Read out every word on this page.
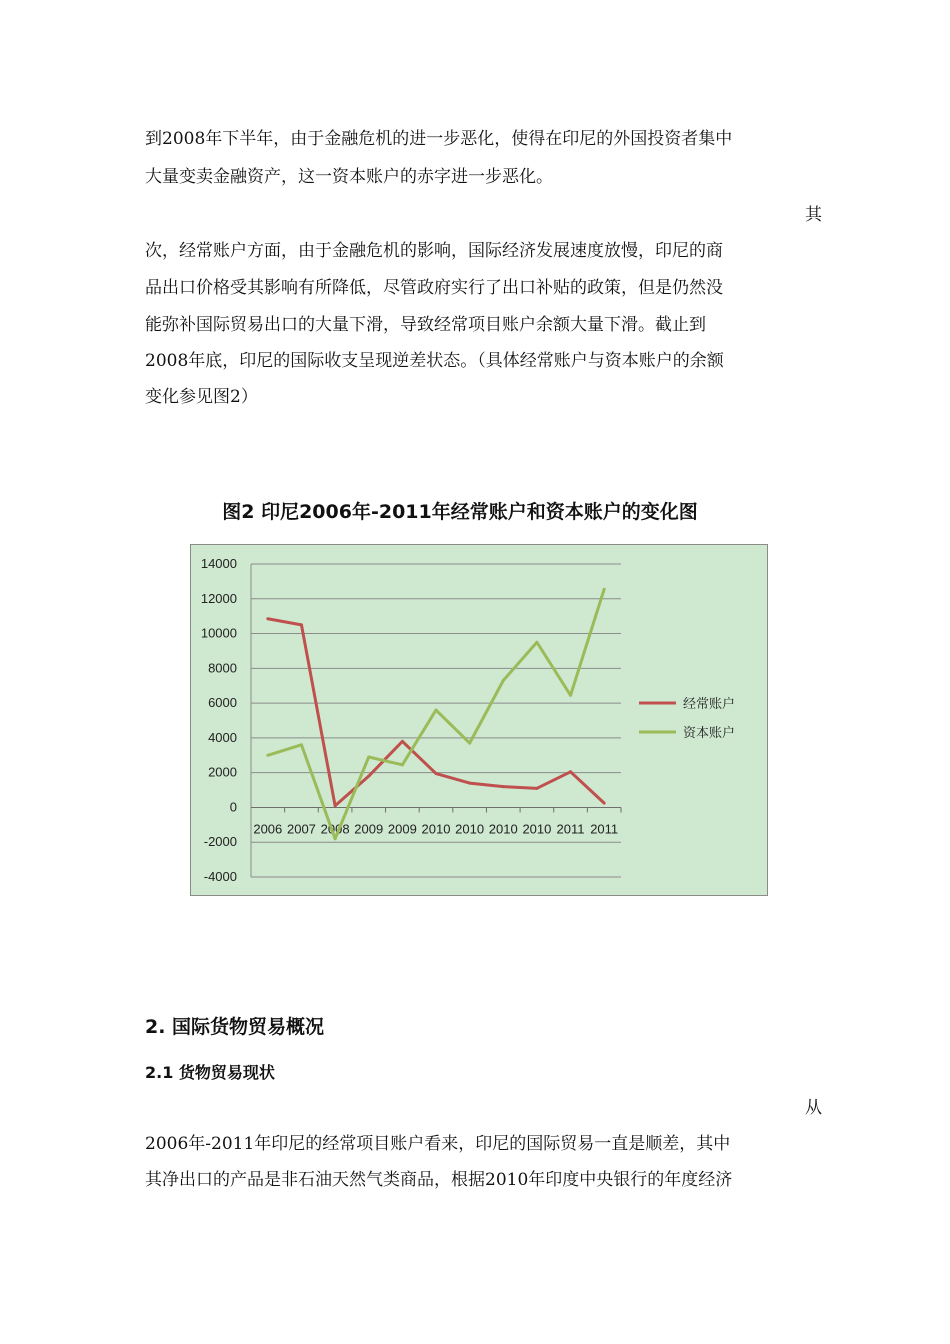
到2008年下半年，由于金融危机的进一步恶化，使得在印尼的外国投资者集中
大量变卖金融资产，这一资本账户的赤字进一步恶化。
其
次，经常账户方面，由于金融危机的影响，国际经济发展速度放慢，印尼的商
品出口价格受其影响有所降低，尽管政府实行了出口补贴的政策，但是仍然没
能弥补国际贸易出口的大量下滑，导致经常项目账户余额大量下滑。截止到
2008年底，印尼的国际收支呈现逆差状态。（具体经常账户与资本账户的余额
变化参见图2）
图2 印尼2006年-2011年经常账户和资本账户的变化图
14000
12000
10000
8000
6000
4000
2000
0
-2000
-4000
2006 2007 2008 2009 2009 2010 2010 2010 2010 2011 2011
经常账户
资本账户
2. 国际货物贸易概况
2.1 货物贸易现状
从
2006年-2011年印尼的经常项目账户看来，印尼的国际贸易一直是顺差，其中
其净出口的产品是非石油天然气类商品，根据2010年印度中央银行的年度经济
